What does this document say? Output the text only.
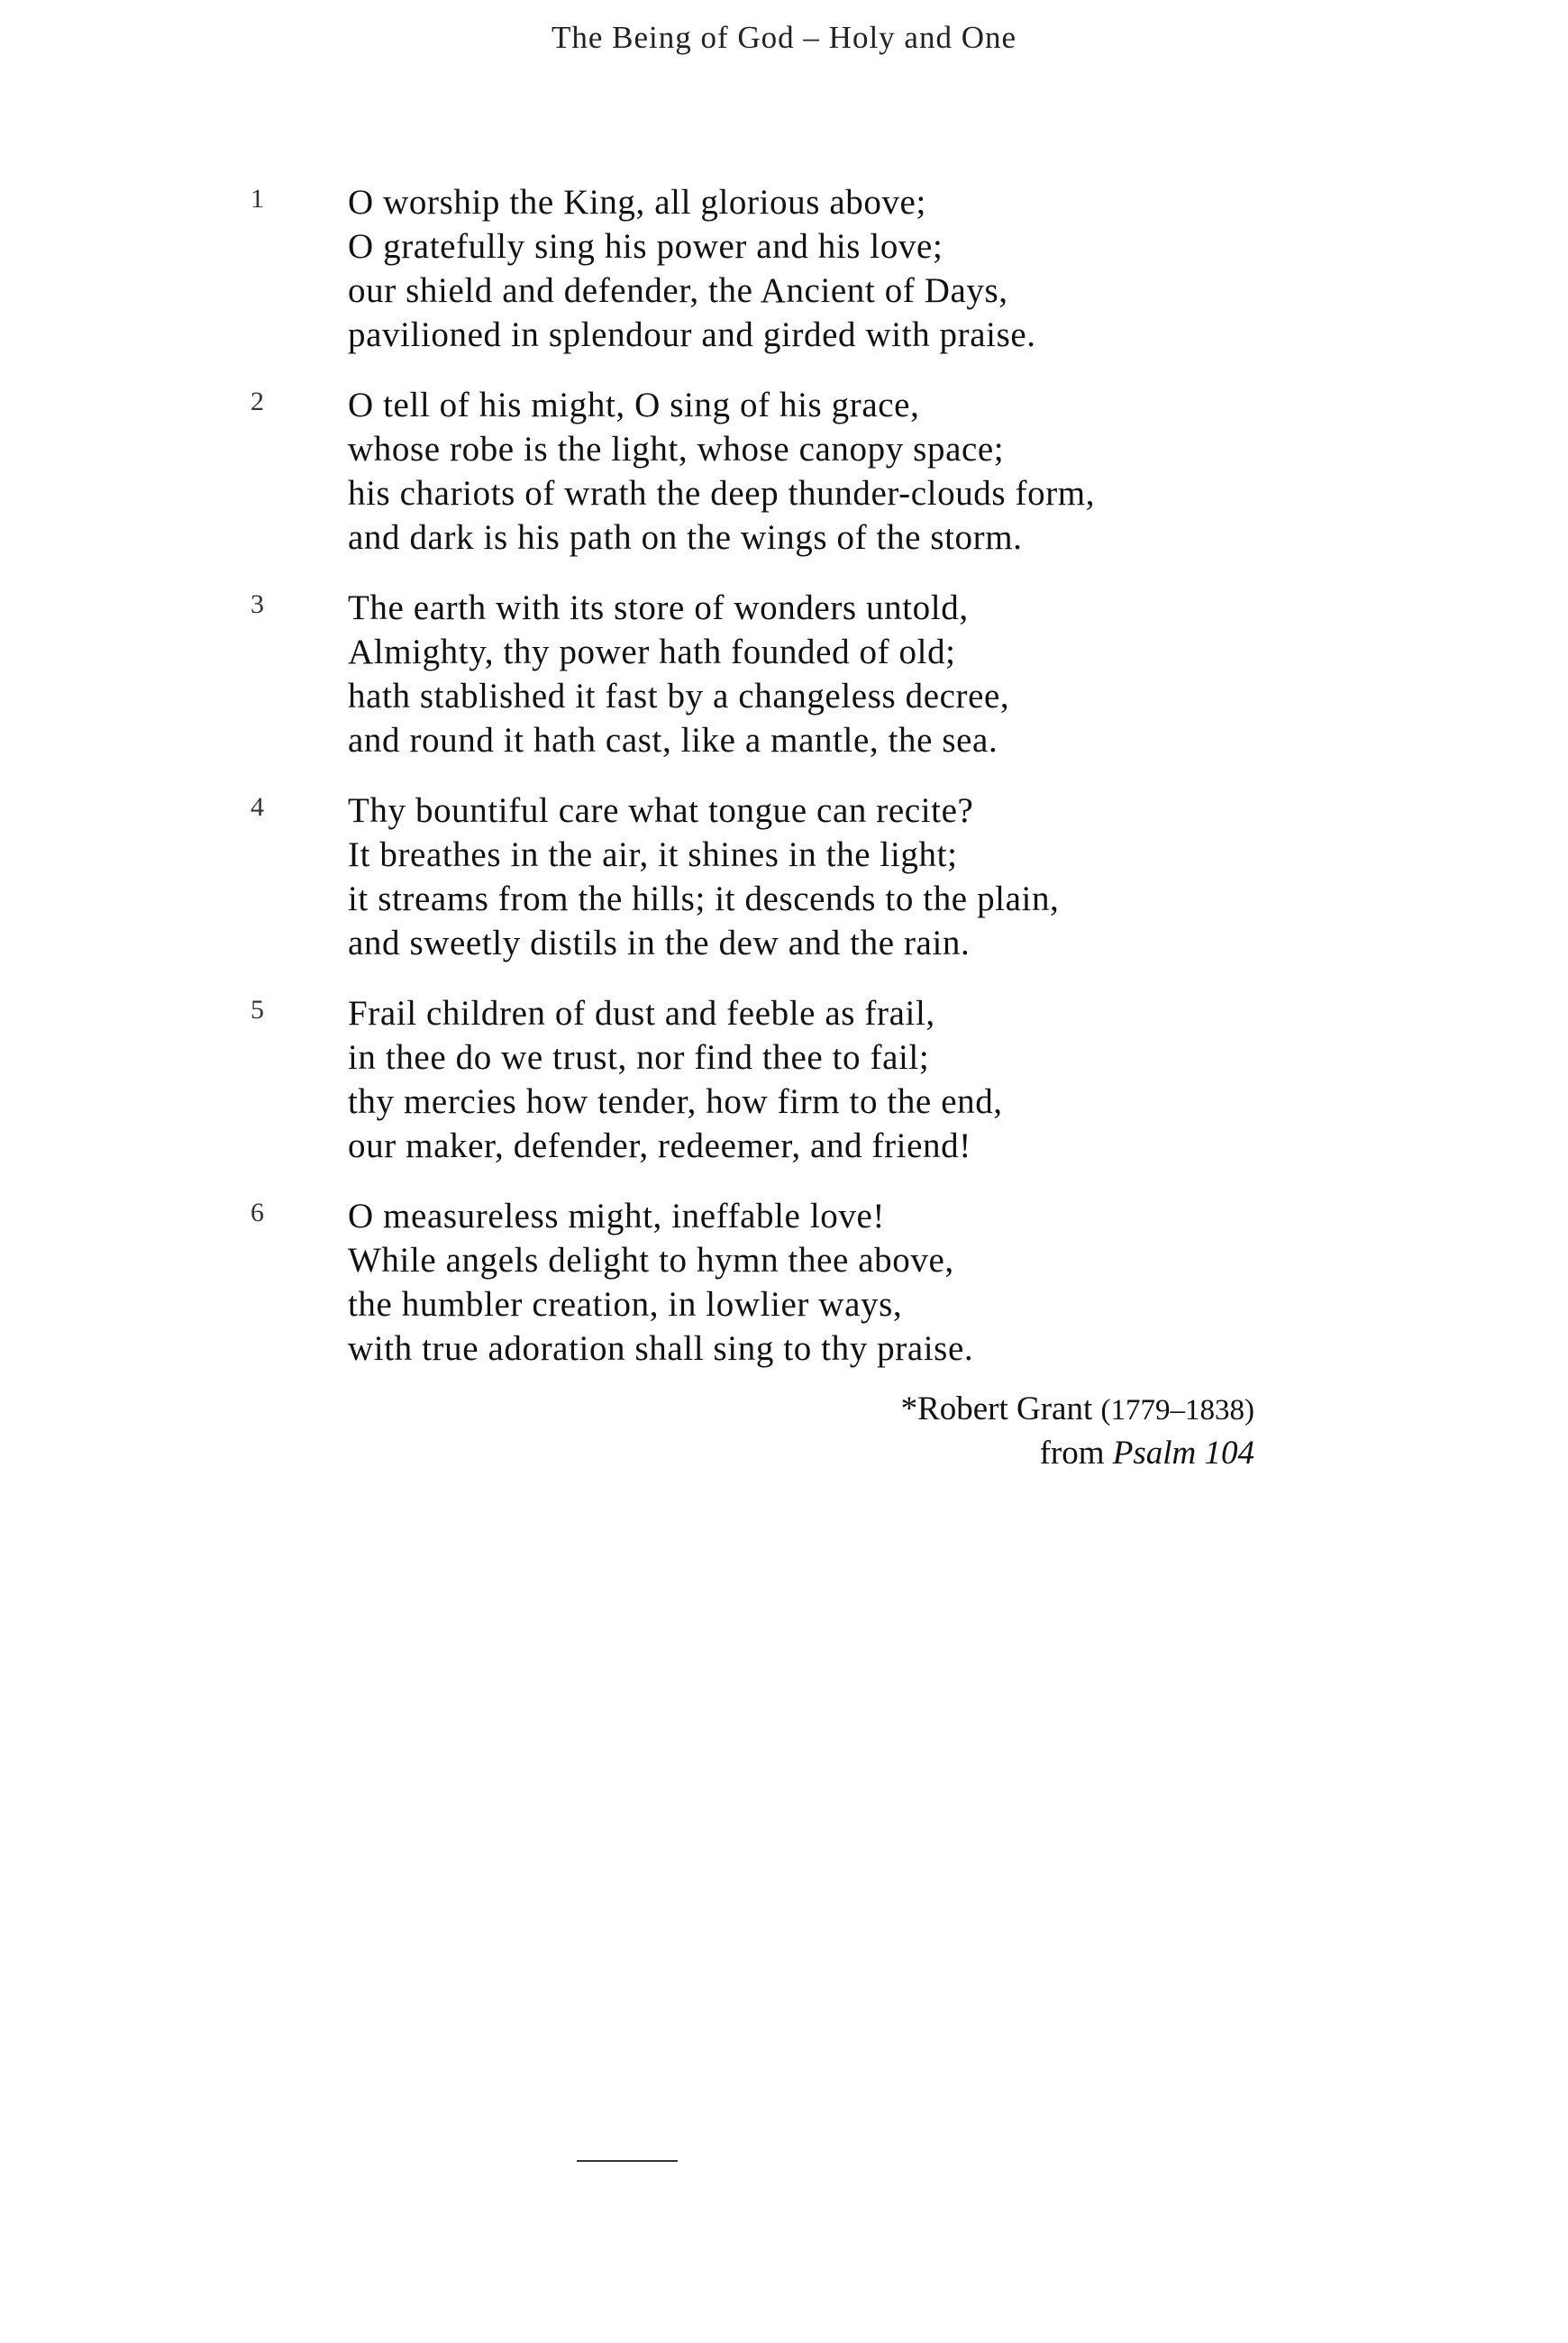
The Being of God – Holy and One
1	O worship the King, all glorious above;
O gratefully sing his power and his love;
our shield and defender, the Ancient of Days,
pavilioned in splendour and girded with praise.
2	O tell of his might, O sing of his grace,
whose robe is the light, whose canopy space;
his chariots of wrath the deep thunder-clouds form,
and dark is his path on the wings of the storm.
3	The earth with its store of wonders untold,
Almighty, thy power hath founded of old;
hath stablished it fast by a changeless decree,
and round it hath cast, like a mantle, the sea.
4	Thy bountiful care what tongue can recite?
It breathes in the air, it shines in the light;
it streams from the hills; it descends to the plain,
and sweetly distils in the dew and the rain.
5	Frail children of dust and feeble as frail,
in thee do we trust, nor find thee to fail;
thy mercies how tender, how firm to the end,
our maker, defender, redeemer, and friend!
6	O measureless might, ineffable love!
While angels delight to hymn thee above,
the humbler creation, in lowlier ways,
with true adoration shall sing to thy praise.
*Robert Grant (1779–1838)
from Psalm 104
